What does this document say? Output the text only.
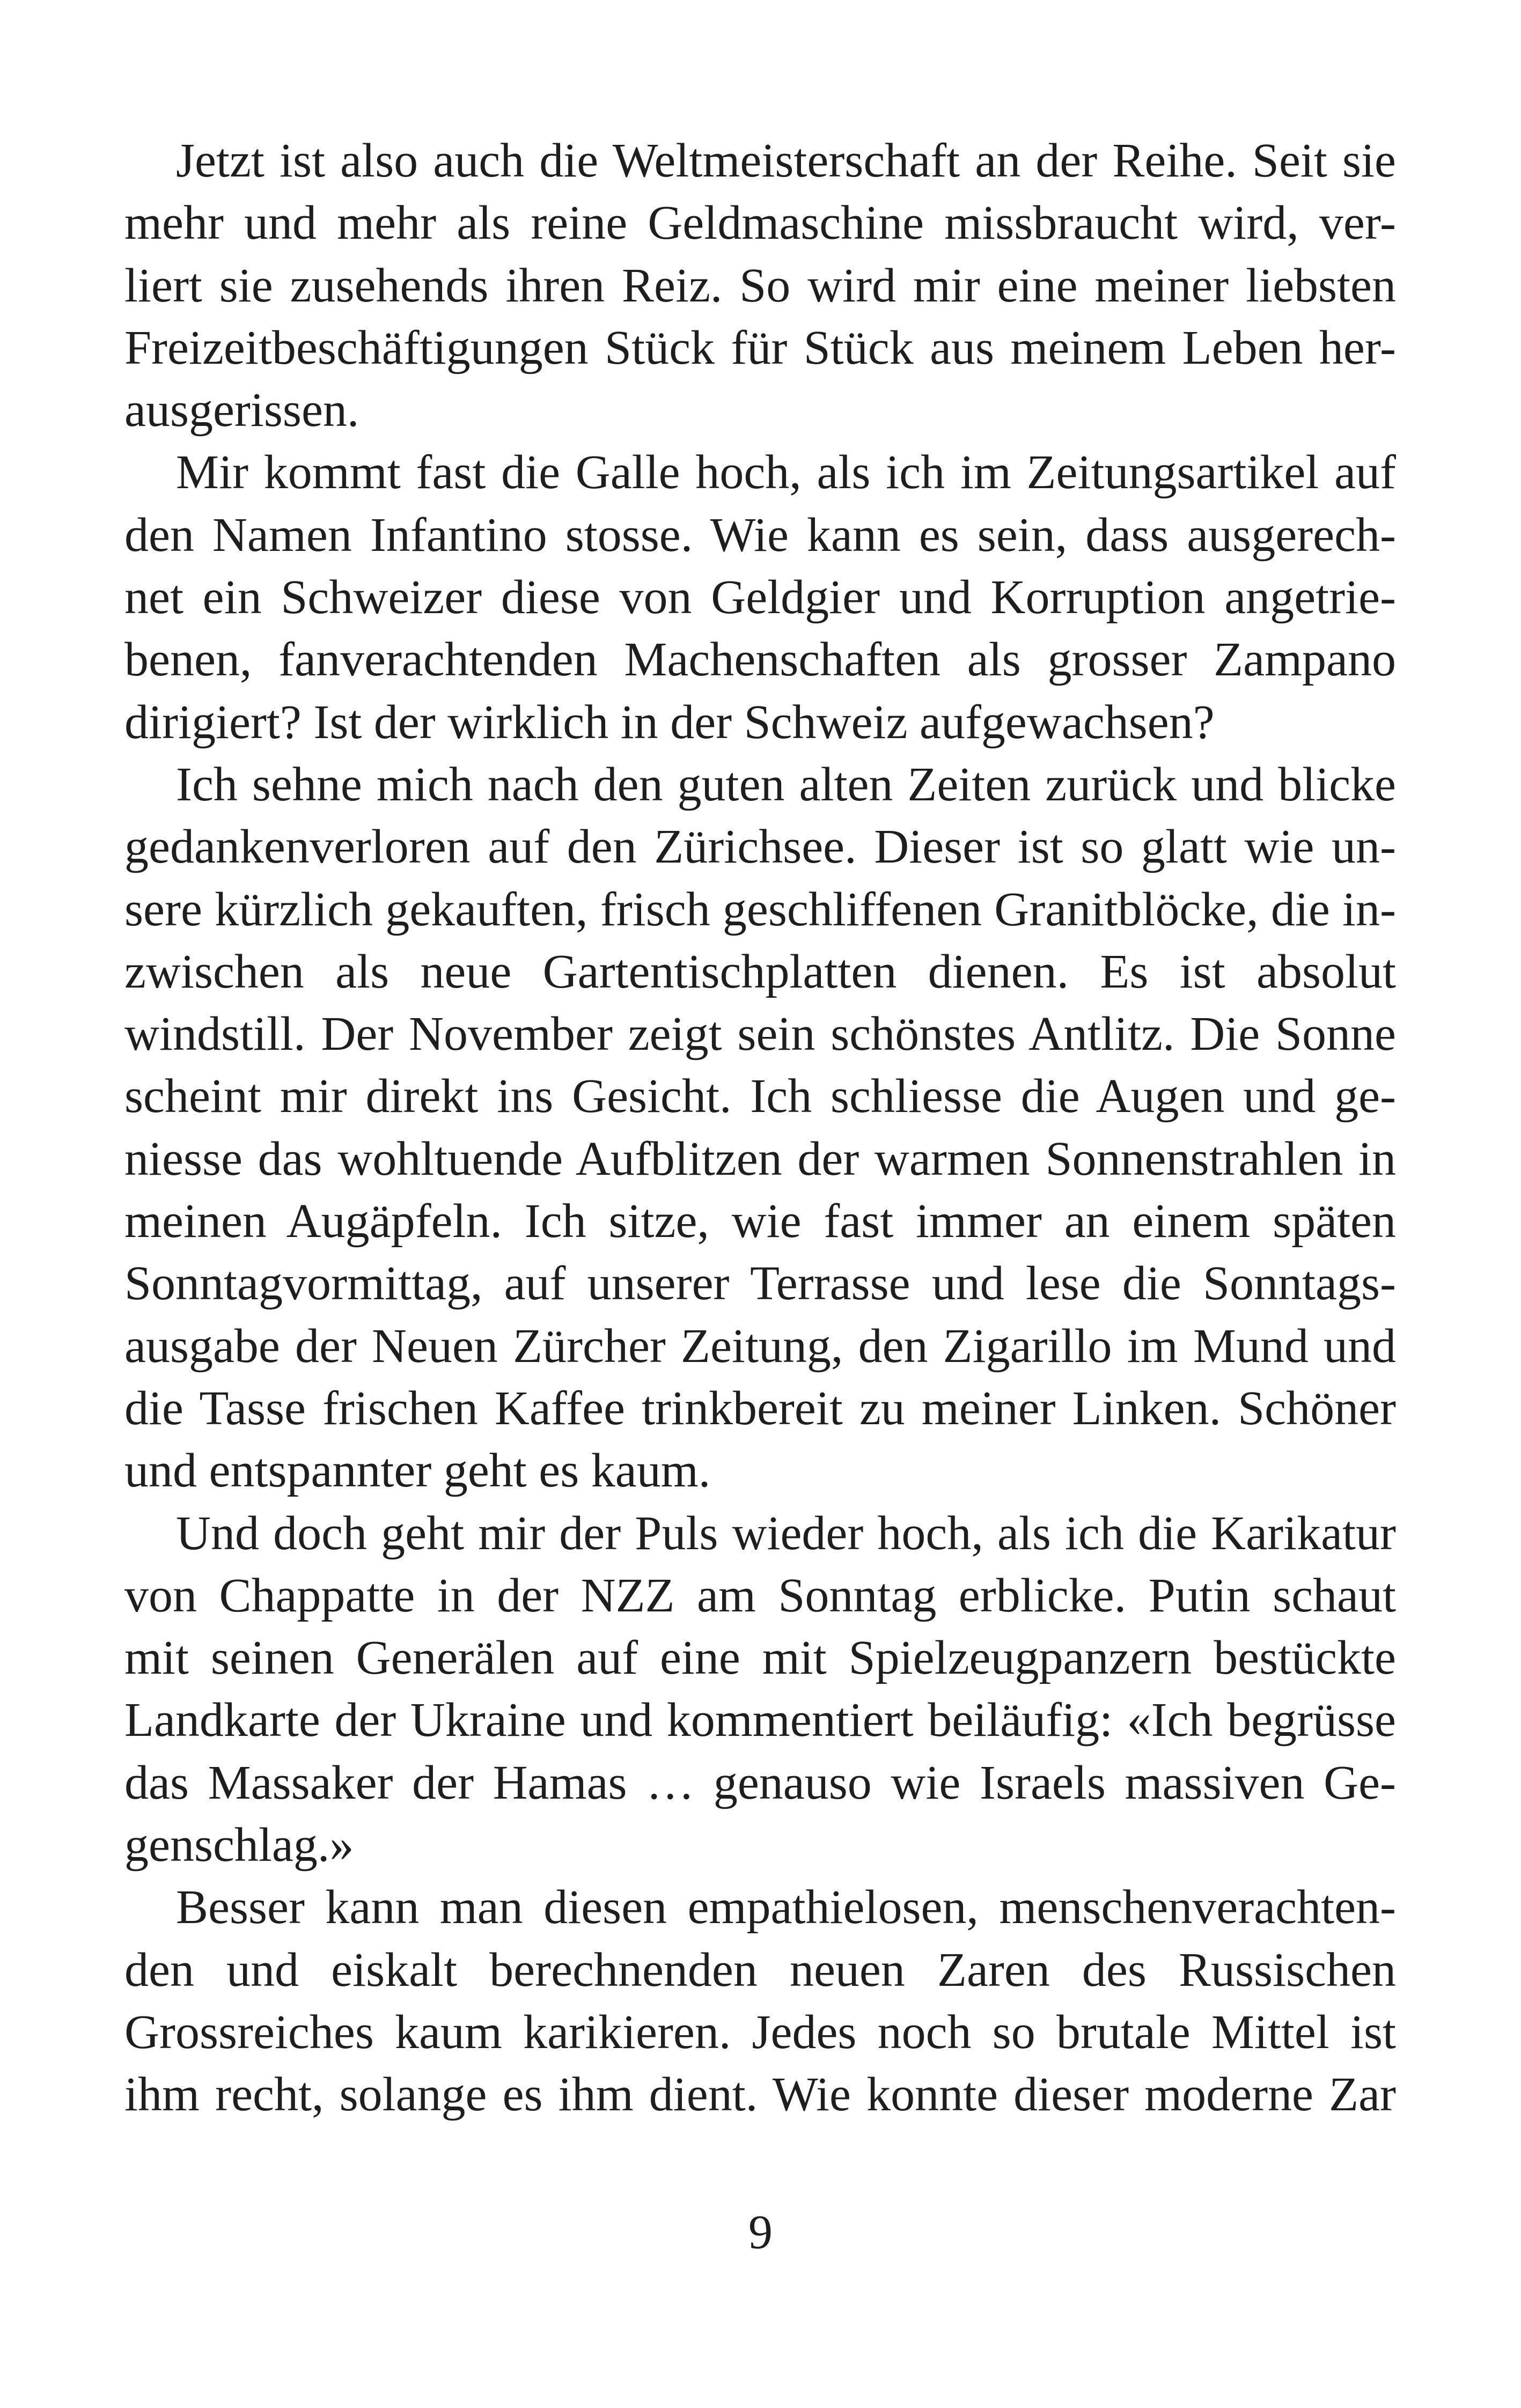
Jetzt ist also auch die Weltmeisterschaft an der Reihe. Seit sie
mehr und mehr als reine Geldmaschine missbraucht wird, ver-
liert sie zusehends ihren Reiz. So wird mir eine meiner liebsten
Freizeitbeschäftigungen Stück für Stück aus meinem Leben her-
ausgerissen.
Mir kommt fast die Galle hoch, als ich im Zeitungsartikel auf
den Namen Infantino stosse. Wie kann es sein, dass ausgerech-
net ein Schweizer diese von Geldgier und Korruption angetrie-
benen, fanverachtenden Machenschaften als grosser Zampano
dirigiert? Ist der wirklich in der Schweiz aufgewachsen?
Ich sehne mich nach den guten alten Zeiten zurück und blicke
gedankenverloren auf den Zürichsee. Dieser ist so glatt wie un-
sere kürzlich gekauften, frisch geschliffenen Granitblöcke, die in-
zwischen als neue Gartentischplatten dienen. Es ist absolut
windstill. Der November zeigt sein schönstes Antlitz. Die Sonne
scheint mir direkt ins Gesicht. Ich schliesse die Augen und ge-
niesse das wohltuende Aufblitzen der warmen Sonnenstrahlen in
meinen Augäpfeln. Ich sitze, wie fast immer an einem späten
Sonntagvormittag, auf unserer Terrasse und lese die Sonntags-
ausgabe der Neuen Zürcher Zeitung, den Zigarillo im Mund und
die Tasse frischen Kaffee trinkbereit zu meiner Linken. Schöner
und entspannter geht es kaum.
Und doch geht mir der Puls wieder hoch, als ich die Karikatur
von Chappatte in der NZZ am Sonntag erblicke. Putin schaut
mit seinen Generälen auf eine mit Spielzeugpanzern bestückte
Landkarte der Ukraine und kommentiert beiläufig: «Ich begrüsse
das Massaker der Hamas … genauso wie Israels massiven Ge-
genschlag.»
Besser kann man diesen empathielosen, menschenverachten-
den und eiskalt berechnenden neuen Zaren des Russischen
Grossreiches kaum karikieren. Jedes noch so brutale Mittel ist
ihm recht, solange es ihm dient. Wie konnte dieser moderne Zar
9
